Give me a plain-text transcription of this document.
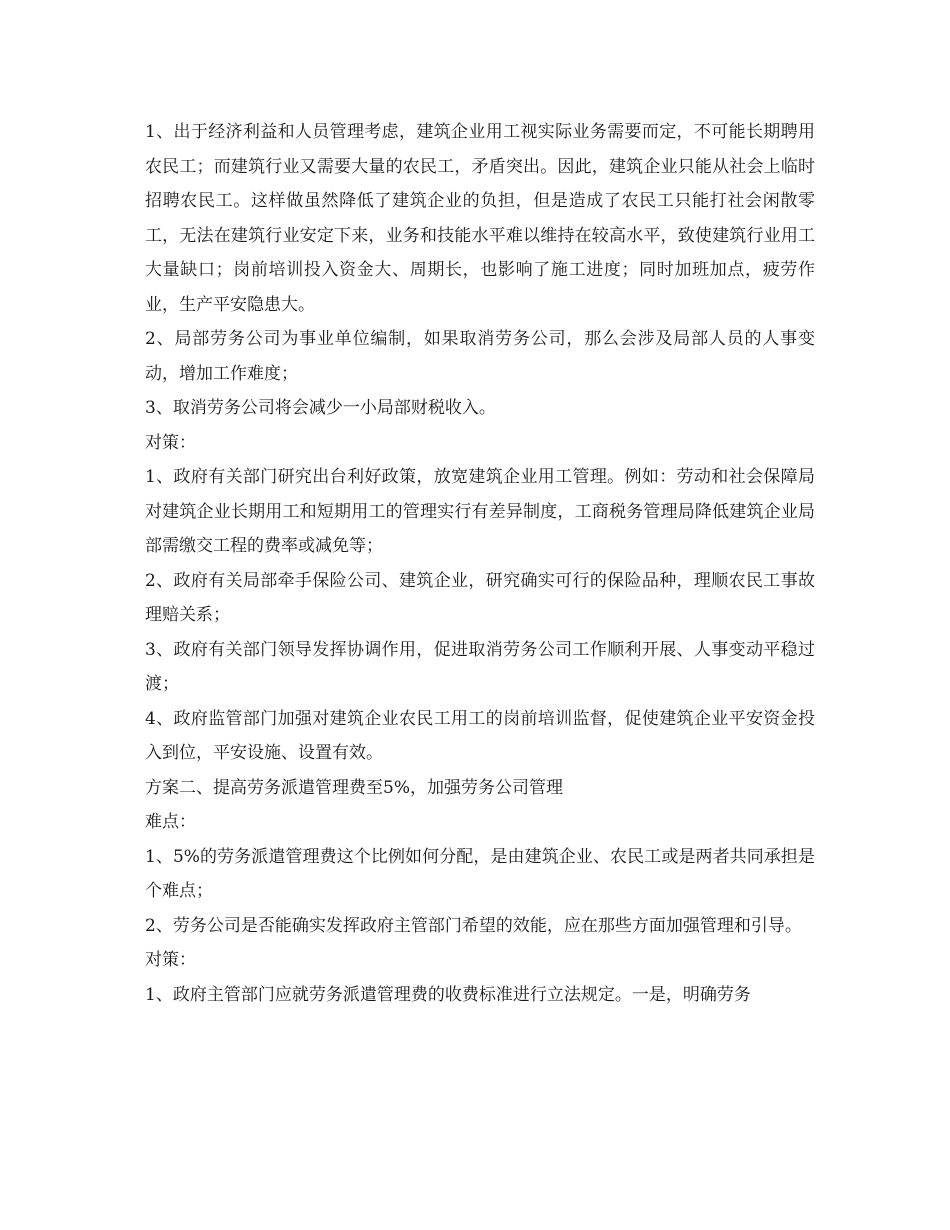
1、出于经济利益和人员管理考虑，建筑企业用工视实际业务需要而定，不可能长期聘用农民工；而建筑行业又需要大量的农民工，矛盾突出。因此，建筑企业只能从社会上临时招聘农民工。这样做虽然降低了建筑企业的负担，但是造成了农民工只能打社会闲散零工，无法在建筑行业安定下来，业务和技能水平难以维持在较高水平，致使建筑行业用工大量缺口；岗前培训投入资金大、周期长，也影响了施工进度；同时加班加点，疲劳作业，生产平安隐患大。

2、局部劳务公司为事业单位编制，如果取消劳务公司，那么会涉及局部人员的人事变动，增加工作难度；

3、取消劳务公司将会减少一小局部财税收入。

对策：

1、政府有关部门研究出台利好政策，放宽建筑企业用工管理。例如：劳动和社会保障局对建筑企业长期用工和短期用工的管理实行有差异制度，工商税务管理局降低建筑企业局部需缴交工程的费率或减免等；

2、政府有关局部牵手保险公司、建筑企业，研究确实可行的保险品种，理顺农民工事故理赔关系；

3、政府有关部门领导发挥协调作用，促进取消劳务公司工作顺利开展、人事变动平稳过渡；

4、政府监管部门加强对建筑企业农民工用工的岗前培训监督，促使建筑企业平安资金投入到位，平安设施、设置有效。

方案二、提高劳务派遣管理费至5%，加强劳务公司管理

难点：

1、5%的劳务派遣管理费这个比例如何分配，是由建筑企业、农民工或是两者共同承担是个难点；

2、劳务公司是否能确实发挥政府主管部门希望的效能，应在那些方面加强管理和引导。

对策：

1、政府主管部门应就劳务派遣管理费的收费标准进行立法规定。一是，明确劳务
